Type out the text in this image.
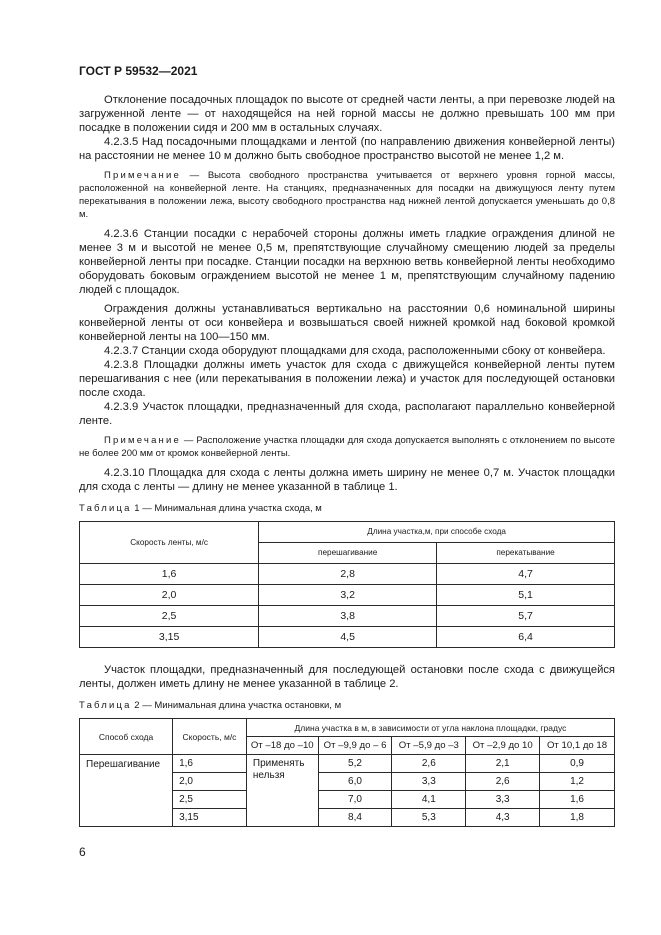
ГОСТ Р 59532—2021

Отклонение посадочных площадок по высоте от средней части ленты, а при перевозке людей на загруженной ленте — от находящейся на ней горной массы не должно превышать 100 мм при посадке в положении сидя и 200 мм в остальных случаях.

4.2.3.5 Над посадочными площадками и лентой (по направлению движения конвейерной ленты) на расстоянии не менее 10 м должно быть свободное пространство высотой не менее 1,2 м.

Примечание — Высота свободного пространства учитывается от верхнего уровня горной массы, расположенной на конвейерной ленте. На станциях, предназначенных для посадки на движущуюся ленту путем перекатывания в положении лежа, высоту свободного пространства над нижней лентой допускается уменьшать до 0,8 м.

4.2.3.6 Станции посадки с нерабочей стороны должны иметь гладкие ограждения длиной не менее 3 м и высотой не менее 0,5 м, препятствующие случайному смещению людей за пределы конвейерной ленты при посадке. Станции посадки на верхнюю ветвь конвейерной ленты необходимо оборудовать боковым ограждением высотой не менее 1 м, препятствующим случайному падению людей с площадок.

Ограждения должны устанавливаться вертикально на расстоянии 0,6 номинальной ширины конвейерной ленты от оси конвейера и возвышаться своей нижней кромкой над боковой кромкой конвейерной ленты на 100—150 мм.

4.2.3.7 Станции схода оборудуют площадками для схода, расположенными сбоку от конвейера.

4.2.3.8 Площадки должны иметь участок для схода с движущейся конвейерной ленты путем перешагивания с нее (или перекатывания в положении лежа) и участок для последующей остановки после схода.

4.2.3.9 Участок площадки, предназначенный для схода, располагают параллельно конвейерной ленте.

Примечание — Расположение участка площадки для схода допускается выполнять с отклонением по высоте не более 200 мм от кромок конвейерной ленты.

4.2.3.10 Площадка для схода с ленты должна иметь ширину не менее 0,7 м. Участок площадки для схода с ленты — длину не менее указанной в таблице 1.

Таблица 1 — Минимальная длина участка схода, м

Скорость ленты, м/с	Длина участка,м, при способе схода	
	перешагивание	перекатывание
1,6	2,8	4,7
2,0	3,2	5,1
2,5	3,8	5,7
3,15	4,5	6,4

Участок площадки, предназначенный для последующей остановки после схода с движущейся ленты, должен иметь длину не менее указанной в таблице 2.

Таблица 2 — Минимальная длина участка остановки, м

Способ схода	Скорость, м/с	Длина участка в м, в зависимости от угла наклона площадки, градус				
		От –18 до –10	От –9,9 до – 6	От –5,9 до –3	От –2,9 до 10	От 10,1 до 18
Перешагивание	1,6	Применять нельзя	5,2	2,6	2,1	0,9
	2,0		6,0	3,3	2,6	1,2
	2,5		7,0	4,1	3,3	1,6
	3,15		8,4	5,3	4,3	1,8
6
